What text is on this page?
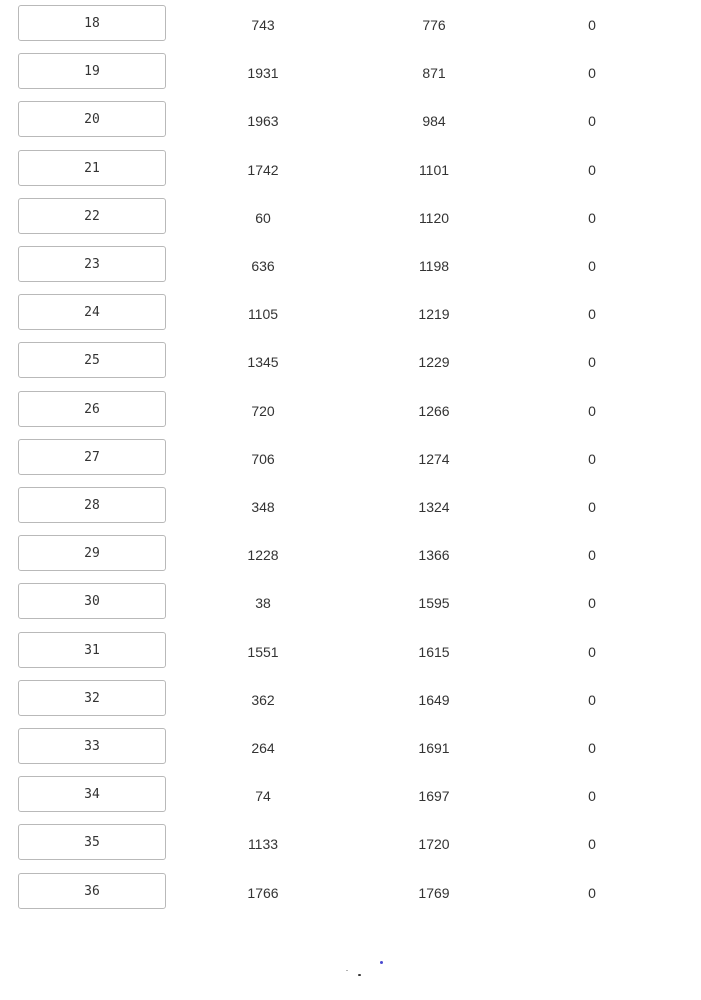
18	743	776	0
19	1931	871	0
20	1963	984	0
21	1742	1101	0
22	60	1120	0
23	636	1198	0
24	1105	1219	0
25	1345	1229	0
26	720	1266	0
27	706	1274	0
28	348	1324	0
29	1228	1366	0
30	38	1595	0
31	1551	1615	0
32	362	1649	0
33	264	1691	0
34	74	1697	0
35	1133	1720	0
36	1766	1769	0
